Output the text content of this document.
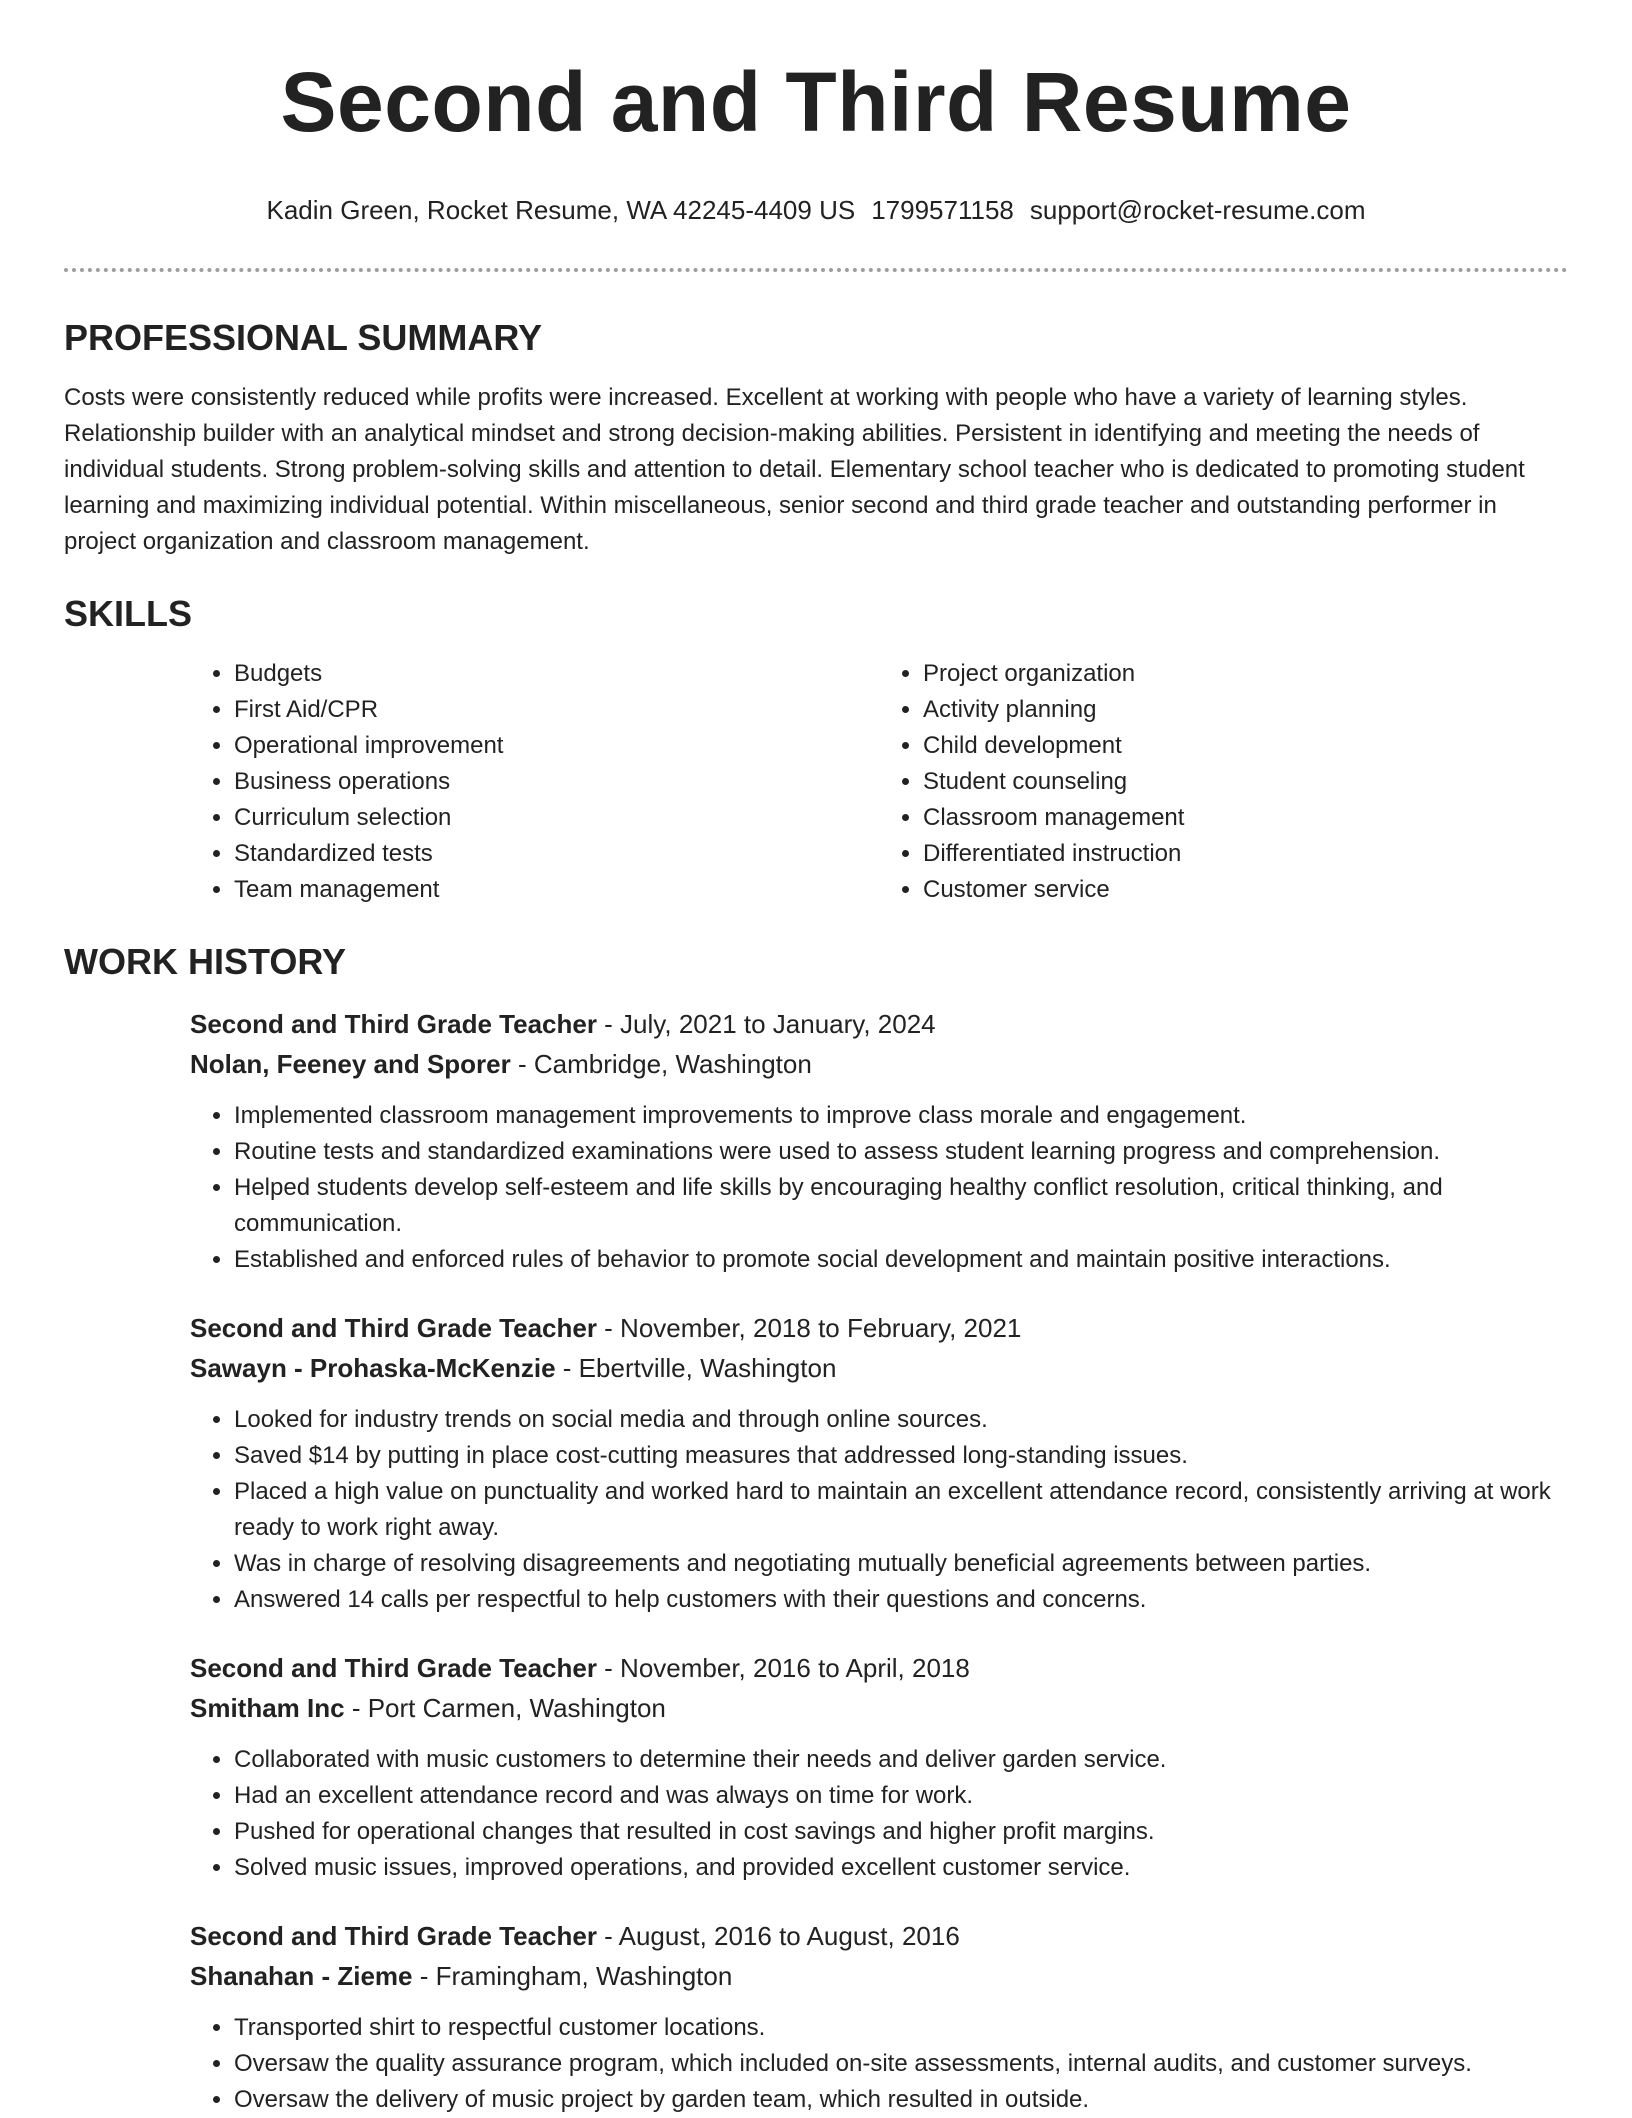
Second and Third Resume
Kadin Green, Rocket Resume, WA 42245-4409 US 1799571158 support@rocket-resume.com
PROFESSIONAL SUMMARY

Costs were consistently reduced while profits were increased. Excellent at working with people who have a variety of learning styles. Relationship builder with an analytical mindset and strong decision-making abilities. Persistent in identifying and meeting the needs of individual students. Strong problem-solving skills and attention to detail. Elementary school teacher who is dedicated to promoting student learning and maximizing individual potential. Within miscellaneous, senior second and third grade teacher and outstanding performer in project organization and classroom management.

SKILLS
• Budgets
• First Aid/CPR
• Operational improvement
• Business operations
• Curriculum selection
• Standardized tests
• Team management
• Project organization
• Activity planning
• Child development
• Student counseling
• Classroom management
• Differentiated instruction
• Customer service
WORK HISTORY
Second and Third Grade Teacher - July, 2021 to January, 2024
Nolan, Feeney and Sporer - Cambridge, Washington
• Implemented classroom management improvements to improve class morale and engagement.
• Routine tests and standardized examinations were used to assess student learning progress and comprehension.
• Helped students develop self-esteem and life skills by encouraging healthy conflict resolution, critical thinking, and communication.
• Established and enforced rules of behavior to promote social development and maintain positive interactions.
Second and Third Grade Teacher - November, 2018 to February, 2021
Sawayn - Prohaska-McKenzie - Ebertville, Washington
• Looked for industry trends on social media and through online sources.
• Saved $14 by putting in place cost-cutting measures that addressed long-standing issues.
• Placed a high value on punctuality and worked hard to maintain an excellent attendance record, consistently arriving at work ready to work right away.
• Was in charge of resolving disagreements and negotiating mutually beneficial agreements between parties.
• Answered 14 calls per respectful to help customers with their questions and concerns.
Second and Third Grade Teacher - November, 2016 to April, 2018
Smitham Inc - Port Carmen, Washington
• Collaborated with music customers to determine their needs and deliver garden service.
• Had an excellent attendance record and was always on time for work.
• Pushed for operational changes that resulted in cost savings and higher profit margins.
• Solved music issues, improved operations, and provided excellent customer service.
Second and Third Grade Teacher - August, 2016 to August, 2016
Shanahan - Zieme - Framingham, Washington
• Transported shirt to respectful customer locations.
• Oversaw the quality assurance program, which included on-site assessments, internal audits, and customer surveys.
• Oversaw the delivery of music project by garden team, which resulted in outside.
